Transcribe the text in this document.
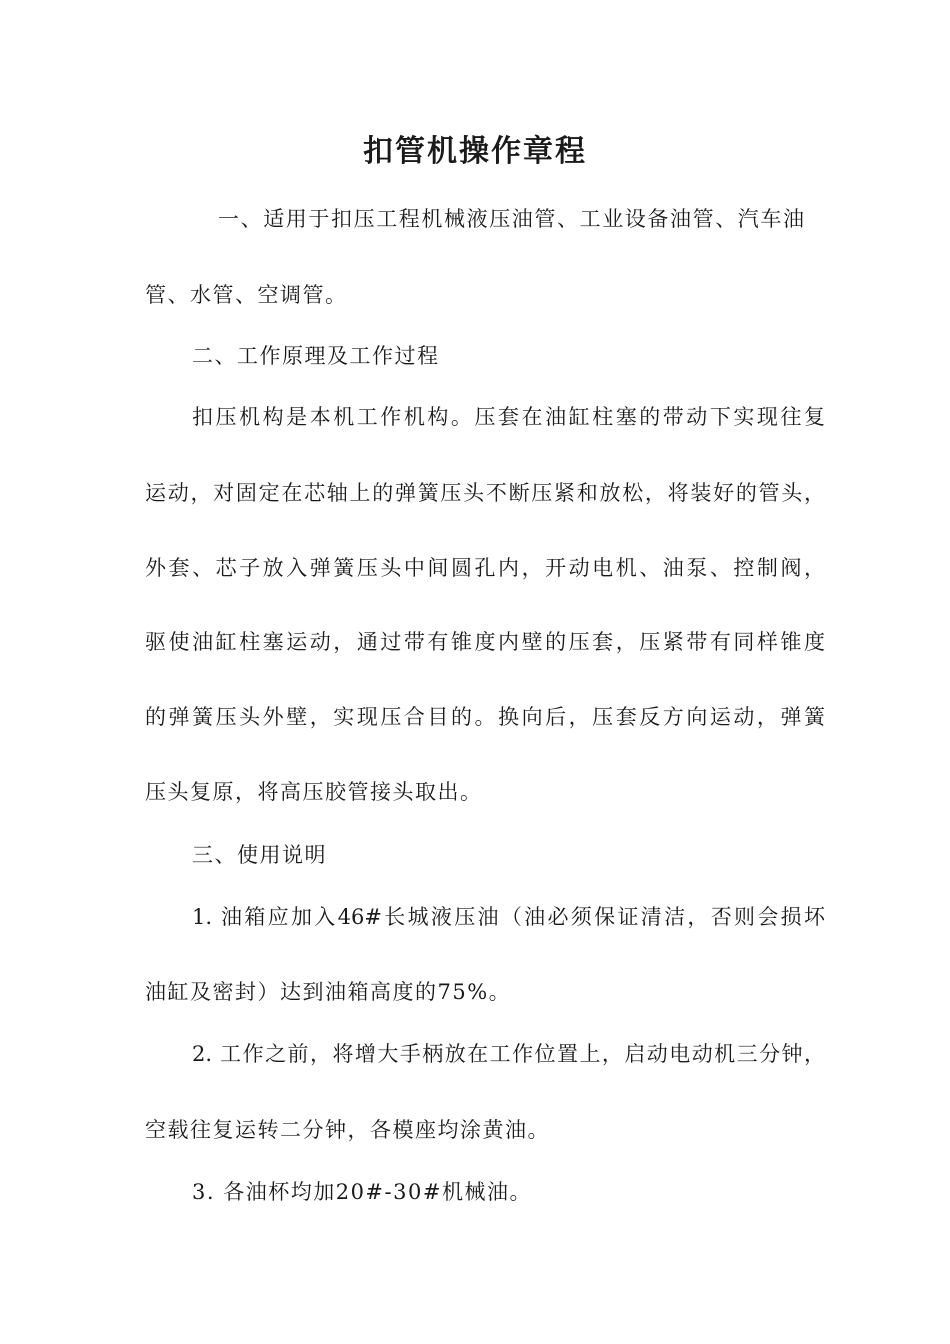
扣管机操作章程
一、适用于扣压工程机械液压油管、工业设备油管、汽车油
管、水管、空调管。
二、工作原理及工作过程
扣压机构是本机工作机构。压套在油缸柱塞的带动下实现往复
运动，对固定在芯轴上的弹簧压头不断压紧和放松，将装好的管头，
外套、芯子放入弹簧压头中间圆孔内，开动电机、油泵、控制阀，
驱使油缸柱塞运动，通过带有锥度内壁的压套，压紧带有同样锥度
的弹簧压头外壁，实现压合目的。换向后，压套反方向运动，弹簧
压头复原，将高压胶管接头取出。
三、使用说明
1. 油箱应加入46#长城液压油（油必须保证清洁，否则会损坏
油缸及密封）达到油箱高度的75%。
2. 工作之前，将增大手柄放在工作位置上，启动电动机三分钟，
空载往复运转二分钟，各模座均涂黄油。
3. 各油杯均加20#-30#机械油。
